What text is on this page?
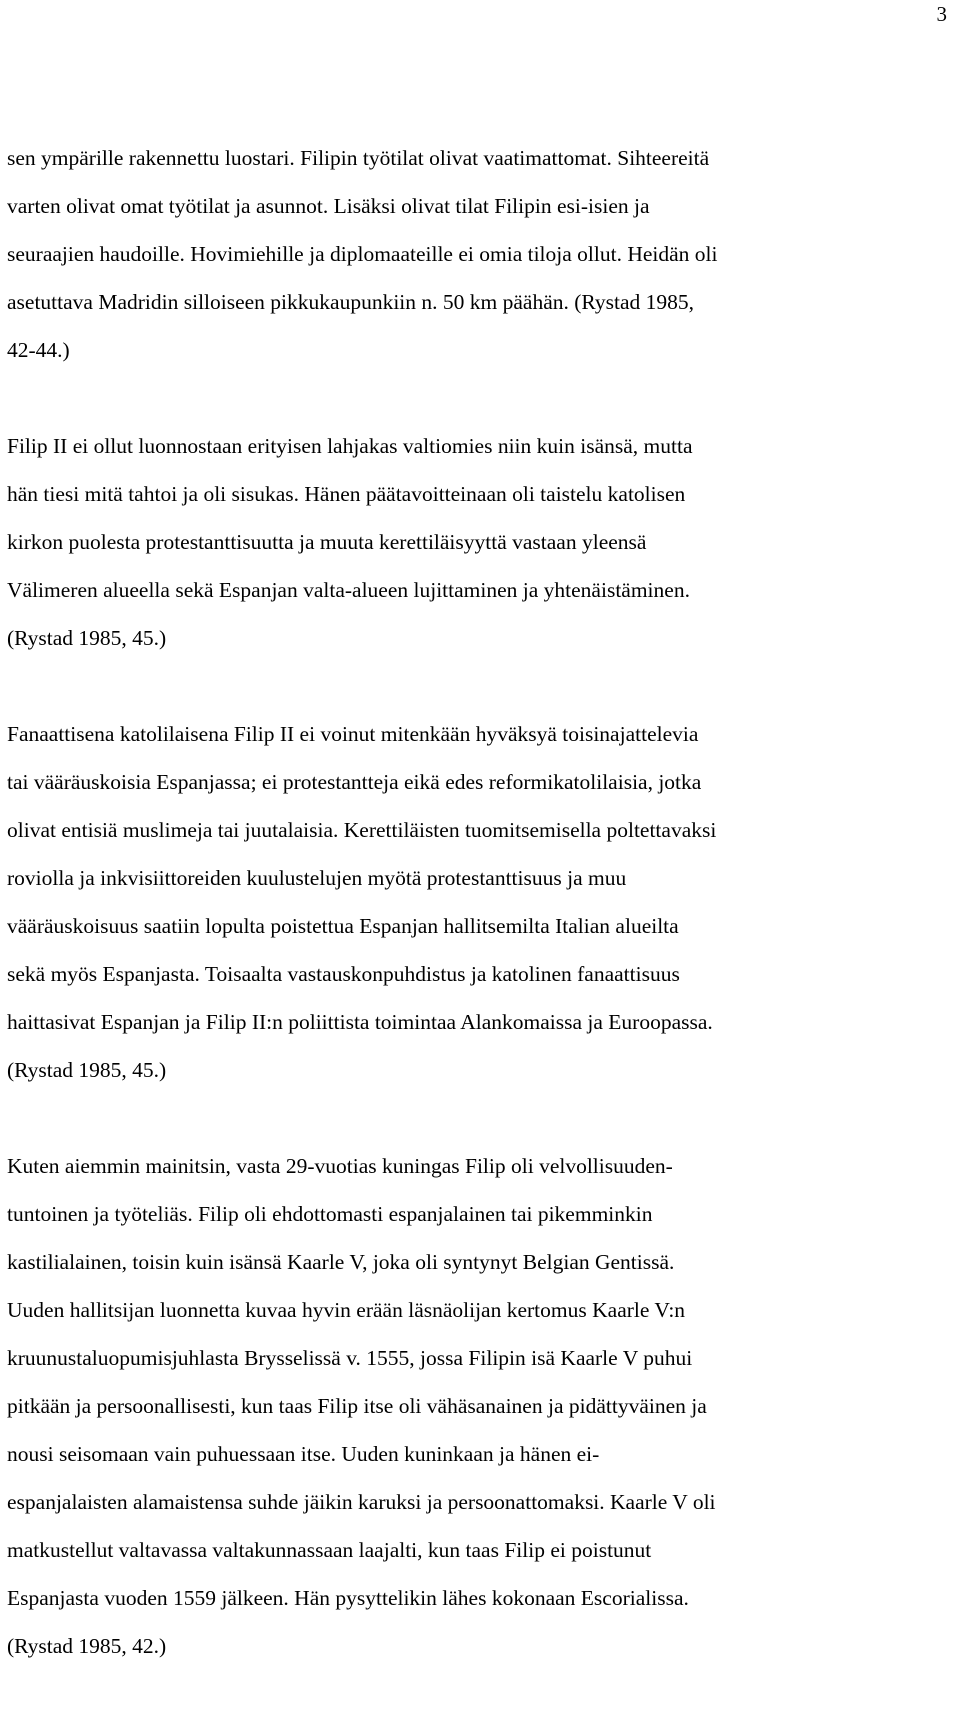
3
sen ympärille rakennettu luostari. Filipin työtilat olivat vaatimattomat. Sihteereitä
varten olivat omat työtilat ja asunnot. Lisäksi olivat tilat Filipin esi-isien ja
seuraajien haudoille. Hovimiehille ja diplomaateille ei omia tiloja ollut. Heidän oli
asetuttava Madridin silloiseen pikkukaupunkiin n. 50 km päähän. (Rystad 1985,
42-44.)
Filip II ei ollut luonnostaan erityisen lahjakas valtiomies niin kuin isänsä, mutta
hän tiesi mitä tahtoi ja oli sisukas. Hänen päätavoitteinaan oli taistelu katolisen
kirkon puolesta protestanttisuutta ja muuta kerettiläisyyttä vastaan yleensä
Välimeren alueella sekä Espanjan valta-alueen lujittaminen ja yhtenäistäminen.
(Rystad 1985, 45.)
Fanaattisena katolilaisena Filip II ei voinut mitenkään hyväksyä toisinajattelevia
tai vääräuskoisia Espanjassa; ei protestantteja eikä edes reformikatolilaisia, jotka
olivat entisiä muslimeja tai juutalaisia. Kerettiläisten tuomitsemisella poltettavaksi
roviolla ja inkvisiittoreiden kuulustelujen myötä protestanttisuus ja muu
vääräuskoisuus saatiin lopulta poistettua Espanjan hallitsemilta Italian alueilta
sekä myös Espanjasta. Toisaalta vastauskonpuhdistus ja katolinen fanaattisuus
haittasivat Espanjan ja Filip II:n poliittista toimintaa Alankomaissa ja Euroopassa.
(Rystad 1985, 45.)
Kuten aiemmin mainitsin, vasta 29-vuotias kuningas Filip oli velvollisuuden-
tuntoinen ja työteliäs. Filip oli ehdottomasti espanjalainen tai pikemminkin
kastilialainen, toisin kuin isänsä Kaarle V, joka oli syntynyt Belgian Gentissä.
Uuden hallitsijan luonnetta kuvaa hyvin erään läsnäolijan kertomus Kaarle V:n
kruunustaluopumisjuhlasta Brysselissä v. 1555, jossa Filipin isä Kaarle V puhui
pitkään ja persoonallisesti, kun taas Filip itse oli vähäsanainen ja pidättyväinen ja
nousi seisomaan vain puhuessaan itse. Uuden kuninkaan ja hänen ei-
espanjalaisten alamaistensa suhde jäikin karuksi ja persoonattomaksi. Kaarle V oli
matkustellut valtavassa valtakunnassaan laajalti, kun taas Filip ei poistunut
Espanjasta vuoden 1559 jälkeen. Hän pysyttelikin lähes kokonaan Escorialissa.
(Rystad 1985, 42.)
